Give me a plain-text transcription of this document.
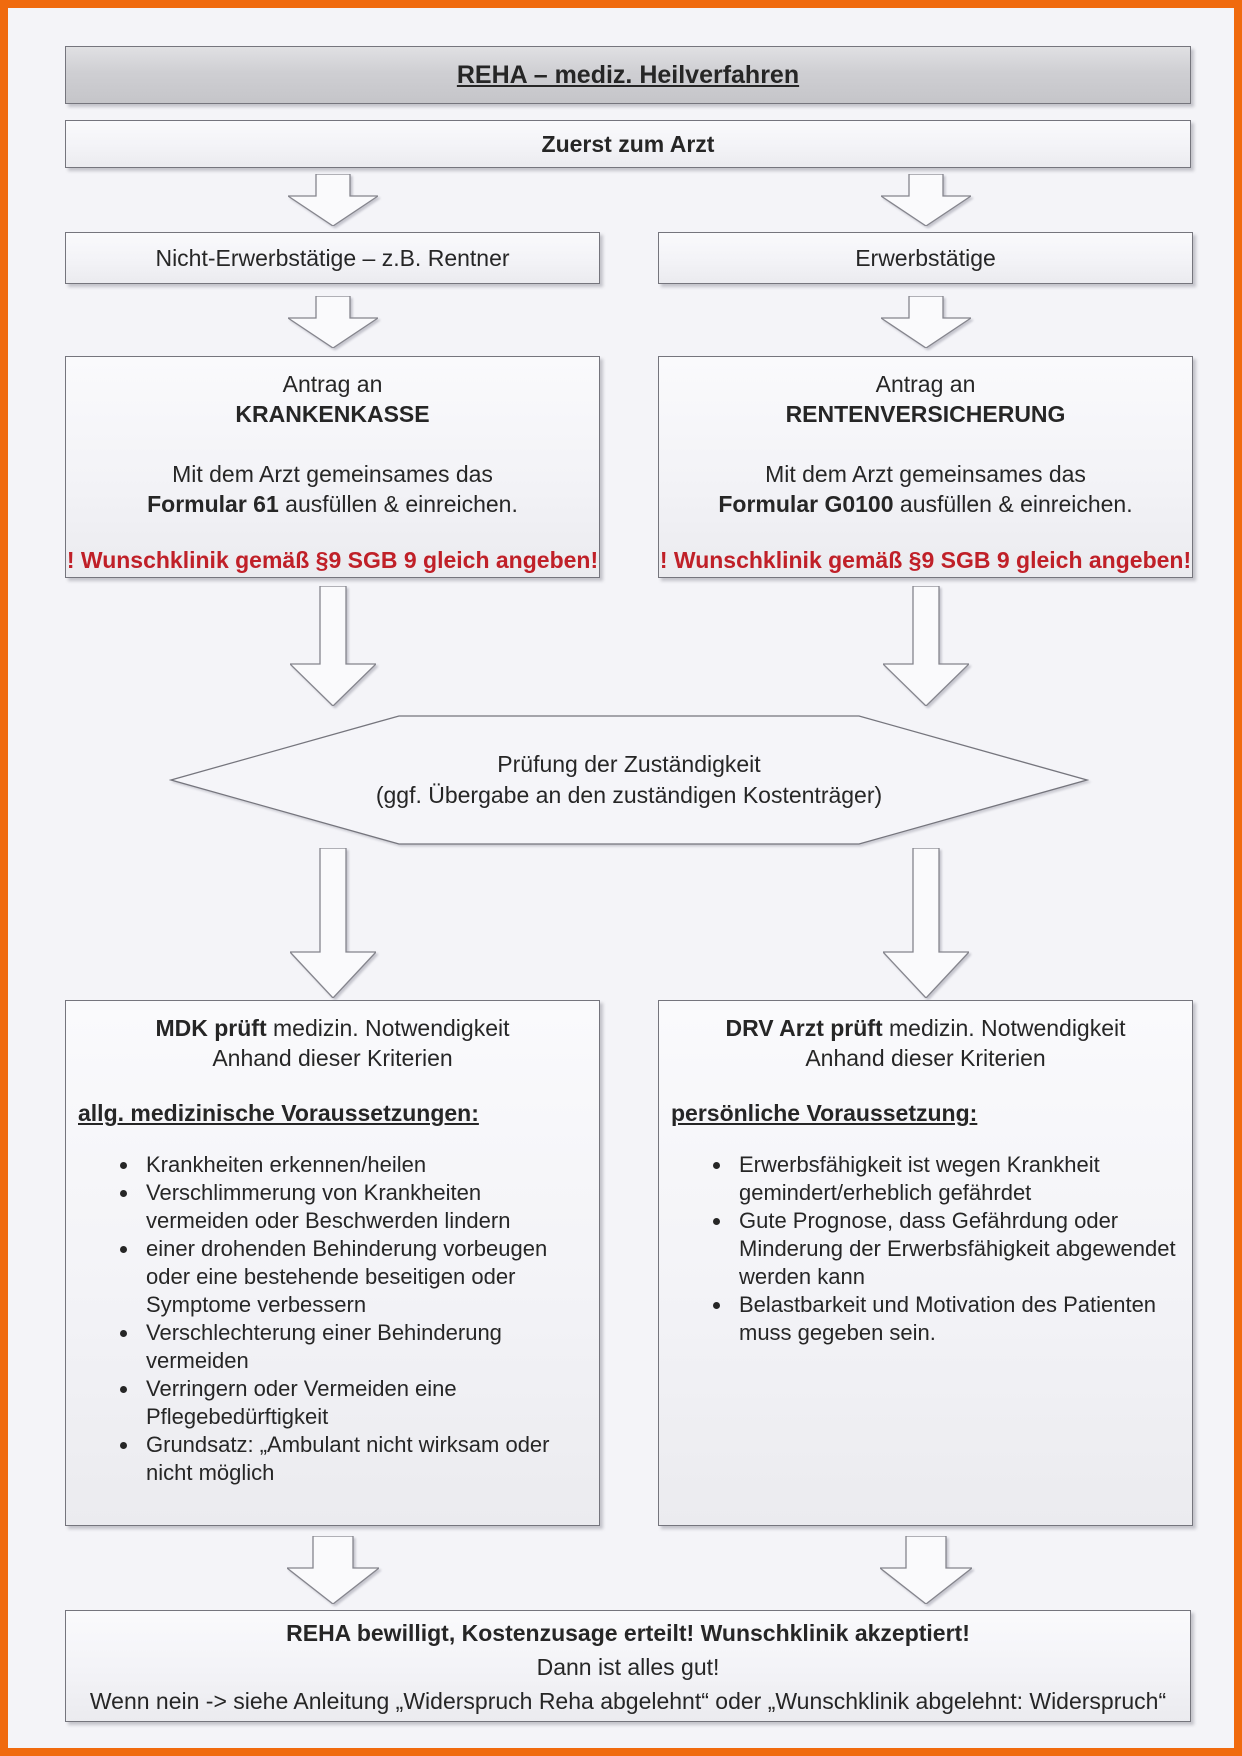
REHA – mediz. Heilverfahren
Zuerst zum Arzt
Nicht-Erwerbstätige – z.B. Rentner	Erwerbstätige
Antrag an
KRANKENKASSE
Mit dem Arzt gemeinsames das
Formular 61 ausfüllen & einreichen.
! Wunschklinik gemäß §9 SGB 9 gleich angeben!
Antrag an
RENTENVERSICHERUNG
Mit dem Arzt gemeinsames das
Formular G0100 ausfüllen & einreichen.
! Wunschklinik gemäß §9 SGB 9 gleich angeben!
Prüfung der Zuständigkeit
(ggf. Übergabe an den zuständigen Kostenträger)
MDK prüft medizin. Notwendigkeit
Anhand dieser Kriterien
allg. medizinische Voraussetzungen:
• Krankheiten erkennen/heilen
• Verschlimmerung von Krankheiten vermeiden oder Beschwerden lindern
• einer drohenden Behinderung vorbeugen oder eine bestehende beseitigen oder Symptome verbessern
• Verschlechterung einer Behinderung vermeiden
• Verringern oder Vermeiden eine Pflegebedürftigkeit
• Grundsatz: „Ambulant nicht wirksam oder nicht möglich
DRV Arzt prüft medizin. Notwendigkeit
Anhand dieser Kriterien
persönliche Voraussetzung:
• Erwerbsfähigkeit ist wegen Krankheit gemindert/erheblich gefährdet
• Gute Prognose, dass Gefährdung oder Minderung der Erwerbsfähigkeit abgewendet werden kann
• Belastbarkeit und Motivation des Patienten muss gegeben sein.
REHA bewilligt, Kostenzusage erteilt! Wunschklinik akzeptiert!
Dann ist alles gut!
Wenn nein -> siehe Anleitung „Widerspruch Reha abgelehnt“ oder „Wunschklinik abgelehnt: Widerspruch“
